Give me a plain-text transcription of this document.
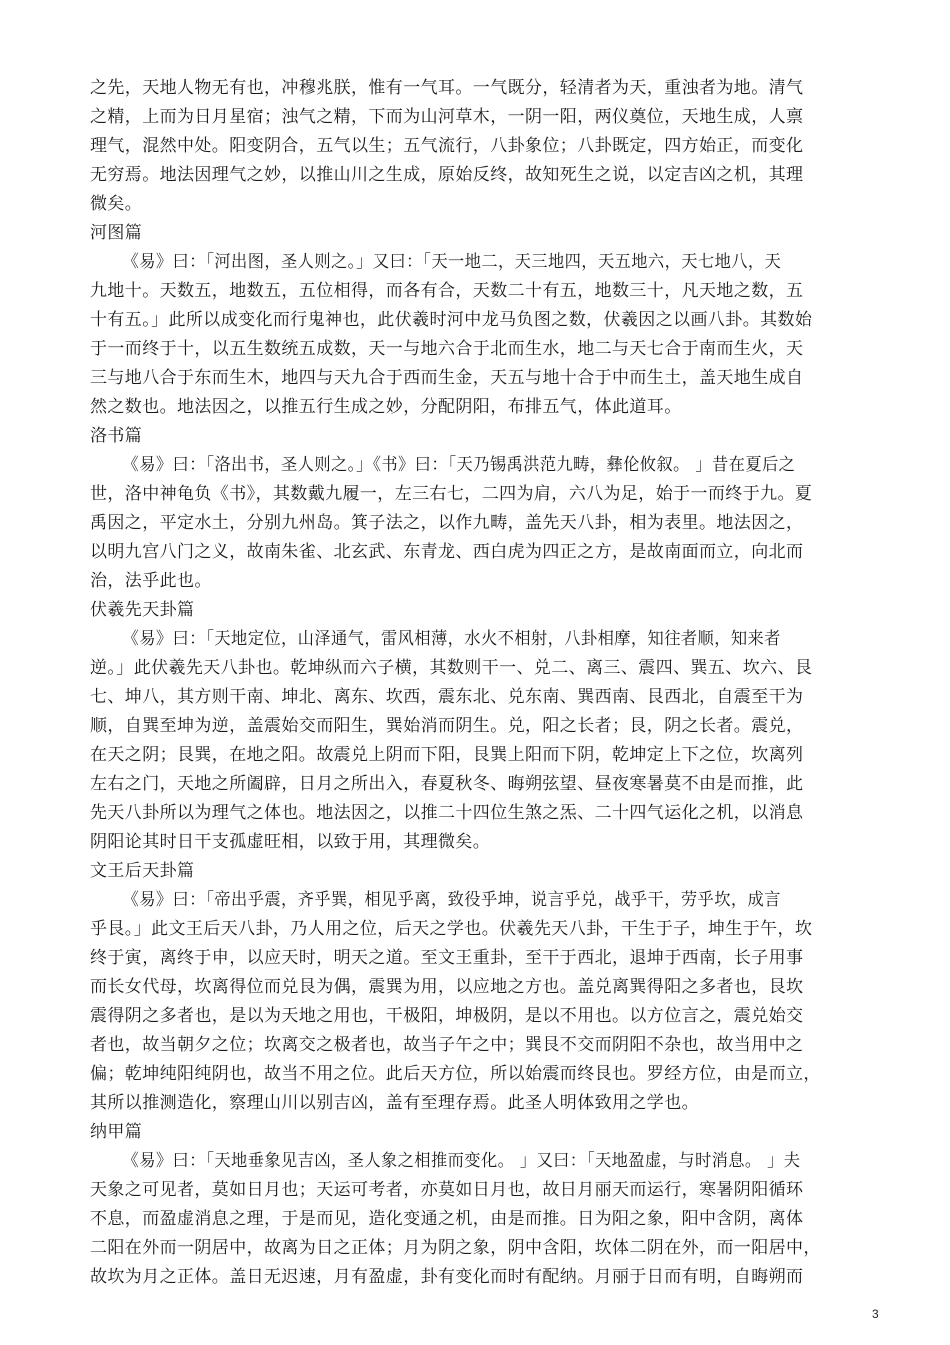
之先，天地人物无有也，冲穆兆朕，惟有一气耳。一气既分，轻清者为天，重浊者为地。清气
之精，上而为日月星宿；浊气之精，下而为山河草木，一阴一阳，两仪奠位，天地生成，人禀
理气，混然中处。阳变阴合，五气以生；五气流行，八卦象位；八卦既定，四方始正，而变化
无穷焉。地法因理气之妙，以推山川之生成，原始反终，故知死生之说，以定吉凶之机，其理
微矣。
河图篇
《易》曰：「河出图，圣人则之。」又曰：「天一地二，天三地四，天五地六，天七地八，天
九地十。天数五，地数五，五位相得，而各有合，天数二十有五，地数三十，凡天地之数，五
十有五。」此所以成变化而行鬼神也，此伏羲时河中龙马负图之数，伏羲因之以画八卦。其数始
于一而终于十，以五生数统五成数，天一与地六合于北而生水，地二与天七合于南而生火，天
三与地八合于东而生木，地四与天九合于西而生金，天五与地十合于中而生土，盖天地生成自
然之数也。地法因之，以推五行生成之妙，分配阴阳，布排五气，体此道耳。
洛书篇
《易》曰：「洛出书，圣人则之。」《书》曰：「天乃锡禹洪范九畴，彝伦攸叙。 」昔在夏后之
世，洛中神龟负《书》，其数戴九履一，左三右七，二四为肩，六八为足，始于一而终于九。夏
禹因之，平定水土，分别九州岛。箕子法之，以作九畴，盖先天八卦，相为表里。地法因之，
以明九宫八门之义，故南朱雀、北玄武、东青龙、西白虎为四正之方，是故南面而立，向北而
治，法乎此也。
伏羲先天卦篇
《易》曰：「天地定位，山泽通气，雷风相薄，水火不相射，八卦相摩，知往者顺，知来者
逆。」此伏羲先天八卦也。乾坤纵而六子横，其数则干一、兑二、离三、震四、巽五、坎六、艮
七、坤八，其方则干南、坤北、离东、坎西，震东北、兑东南、巽西南、艮西北，自震至干为
顺，自巽至坤为逆，盖震始交而阳生，巽始消而阴生。兑，阳之长者；艮，阴之长者。震兑，
在天之阴；艮巽，在地之阳。故震兑上阴而下阳，艮巽上阳而下阴，乾坤定上下之位，坎离列
左右之门，天地之所阖辟，日月之所出入，春夏秋冬、晦朔弦望、昼夜寒暑莫不由是而推，此
先天八卦所以为理气之体也。地法因之，以推二十四位生煞之炁、二十四气运化之机，以消息
阴阳论其时日干支孤虚旺相，以致于用，其理微矣。
文王后天卦篇
《易》曰：「帝出乎震，齐乎巽，相见乎离，致役乎坤，说言乎兑，战乎干，劳乎坎，成言
乎艮。」此文王后天八卦，乃人用之位，后天之学也。伏羲先天八卦，干生于子，坤生于午，坎
终于寅，离终于申，以应天时，明天之道。至文王重卦，至干于西北，退坤于西南，长子用事
而长女代母，坎离得位而兑艮为偶，震巽为用，以应地之方也。盖兑离巽得阳之多者也，艮坎
震得阴之多者也，是以为天地之用也，干极阳，坤极阴，是以不用也。以方位言之，震兑始交
者也，故当朝夕之位；坎离交之极者也，故当子午之中；巽艮不交而阴阳不杂也，故当用中之
偏；乾坤纯阳纯阴也，故当不用之位。此后天方位，所以始震而终艮也。罗经方位，由是而立，
其所以推测造化，察理山川以别吉凶，盖有至理存焉。此圣人明体致用之学也。
纳甲篇
《易》曰：「天地垂象见吉凶，圣人象之相推而变化。 」又曰：「天地盈虚，与时消息。 」夫
天象之可见者，莫如日月也；天运可考者，亦莫如日月也，故日月丽天而运行，寒暑阴阳循环
不息，而盈虚消息之理，于是而见，造化变通之机，由是而推。日为阳之象，阳中含阴，离体
二阳在外而一阴居中，故离为日之正体；月为阴之象，阴中含阳，坎体二阴在外，而一阳居中，
故坎为月之正体。盖日无迟速，月有盈虚，卦有变化而时有配纳。月丽于日而有明，自晦朔而
3
